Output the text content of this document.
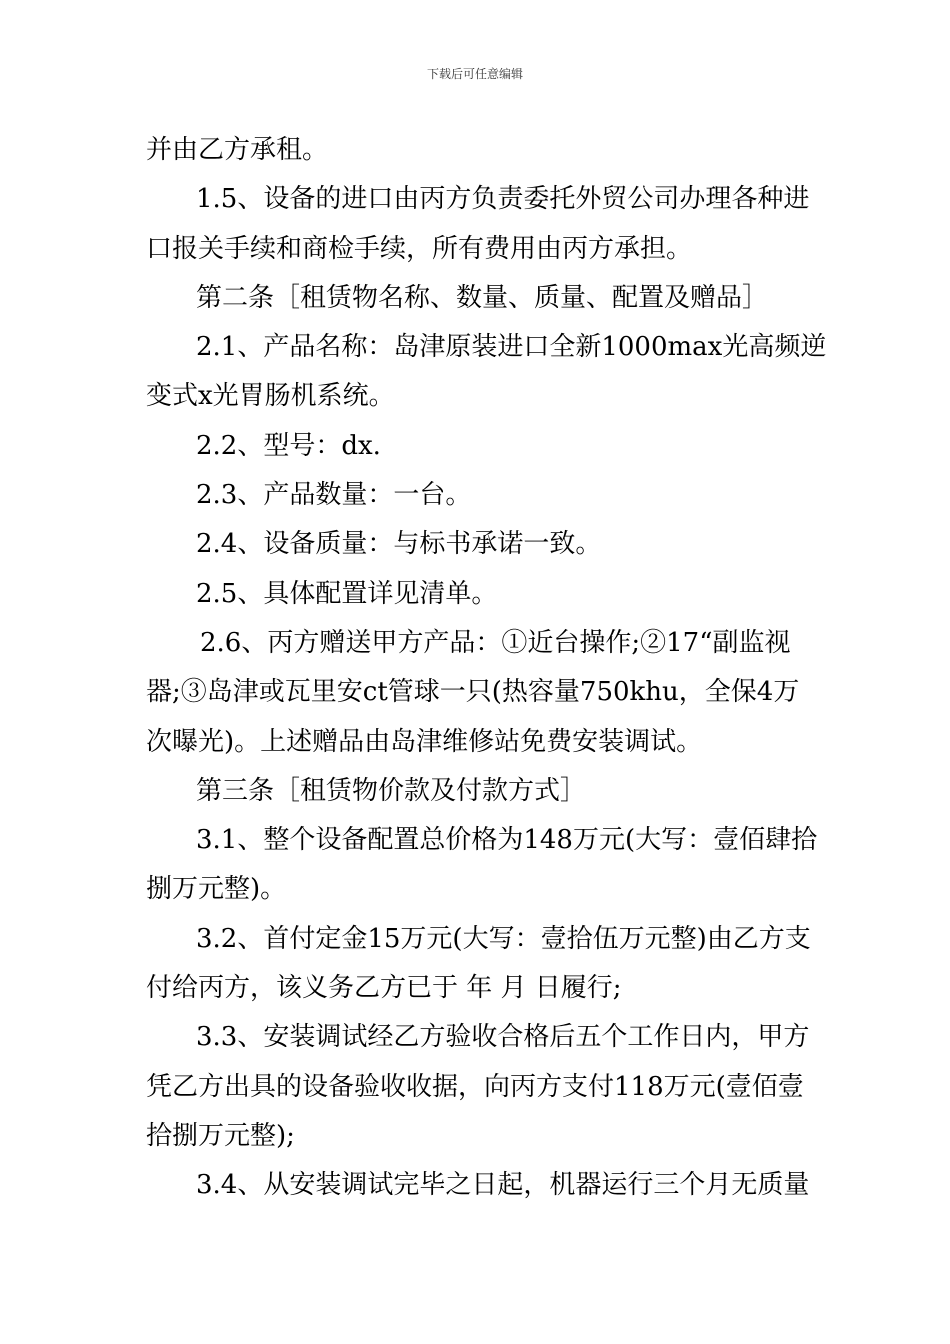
下载后可任意编辑

并由乙方承租。

1.5、设备的进口由丙方负责委托外贸公司办理各种进

口报关手续和商检手续，所有费用由丙方承担。

第二条［租赁物名称、数量、质量、配置及赠品］

2.1、产品名称：岛津原装进口全新1000max光高频逆

变式x光胃肠机系统。

2.2、型号：dx.

2.3、产品数量：一台。

2.4、设备质量：与标书承诺一致。

2.5、具体配置详见清单。

2.6、丙方赠送甲方产品：①近台操作;②17“副监视

器;③岛津或瓦里安ct管球一只(热容量750khu，全保4万

次曝光)。上述赠品由岛津维修站免费安装调试。

第三条［租赁物价款及付款方式］

3.1、整个设备配置总价格为148万元(大写：壹佰肆拾

捌万元整)。

3.2、首付定金15万元(大写：壹拾伍万元整)由乙方支

付给丙方，该义务乙方已于 年 月 日履行;

3.3、安装调试经乙方验收合格后五个工作日内，甲方

凭乙方出具的设备验收收据，向丙方支付118万元(壹佰壹

拾捌万元整);

3.4、从安装调试完毕之日起，机器运行三个月无质量
